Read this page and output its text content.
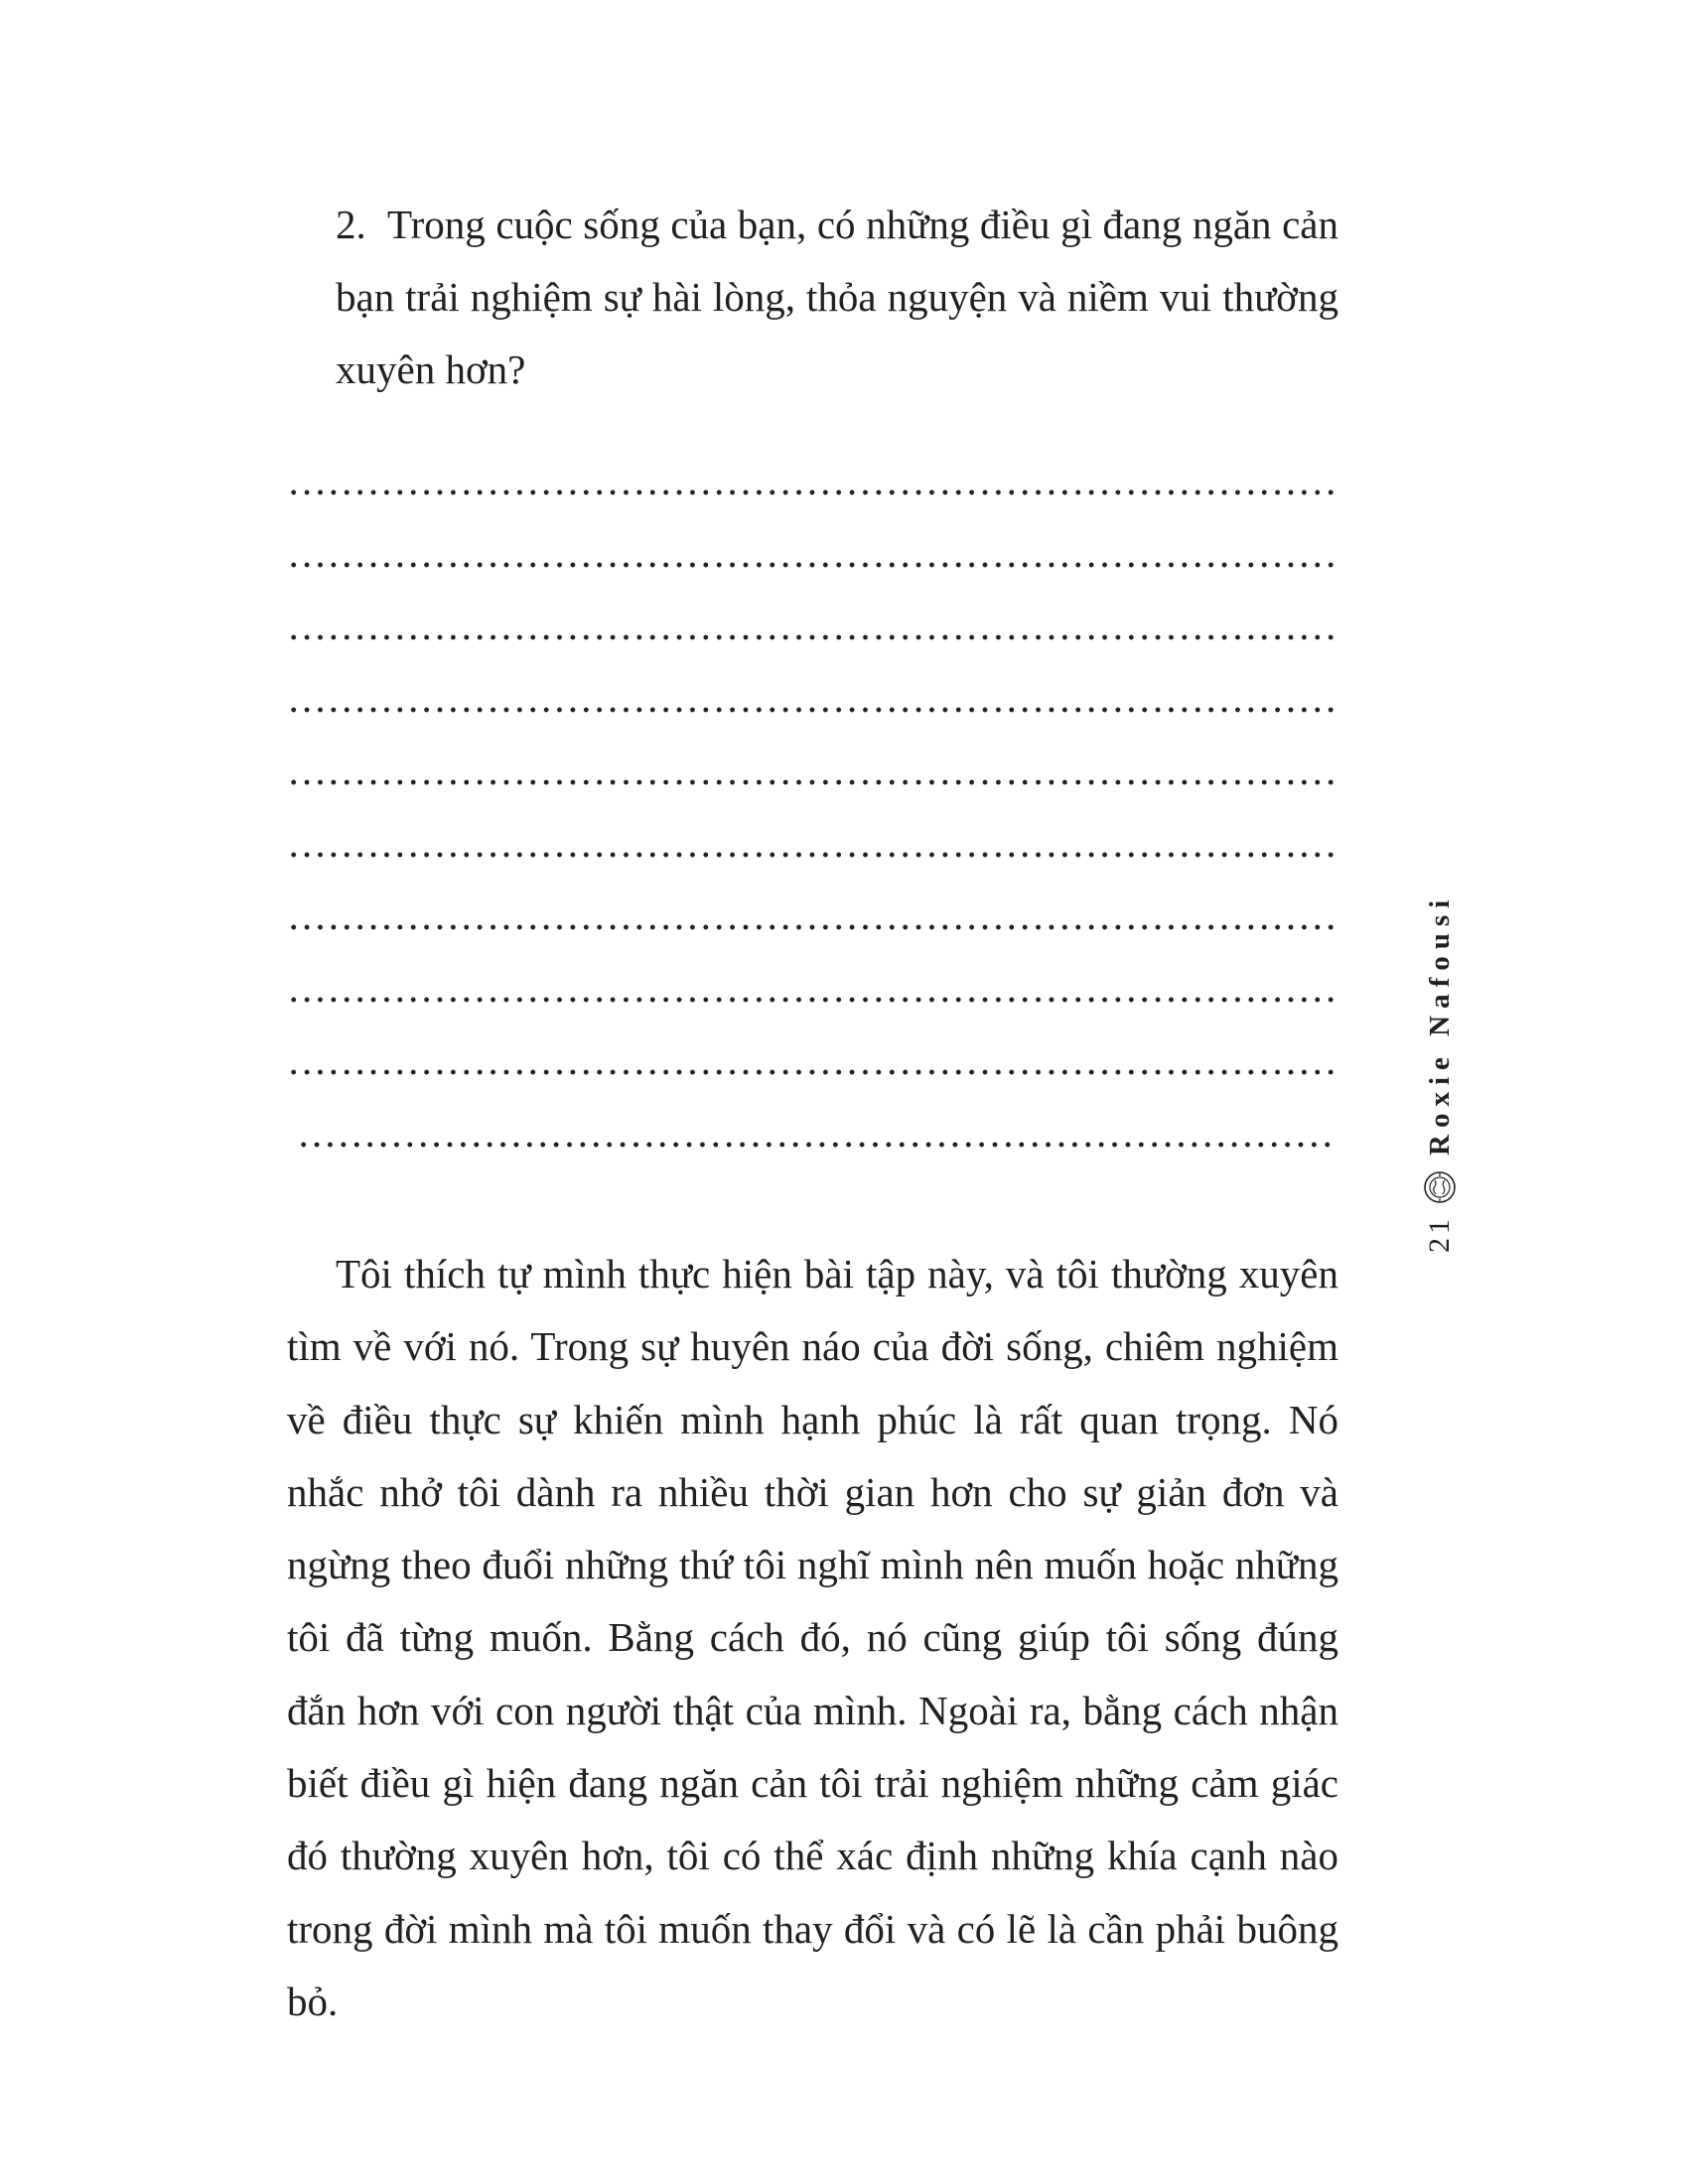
2. Trong cuộc sống của bạn, có những điều gì đang ngăn cản bạn trải nghiệm sự hài lòng, thỏa nguyện và niềm vui thường xuyên hơn?

Tôi thích tự mình thực hiện bài tập này, và tôi thường xuyên tìm về với nó. Trong sự huyên náo của đời sống, chiêm nghiệm về điều thực sự khiến mình hạnh phúc là rất quan trọng. Nó nhắc nhở tôi dành ra nhiều thời gian hơn cho sự giản đơn và ngừng theo đuổi những thứ tôi nghĩ mình nên muốn hoặc những tôi đã từng muốn. Bằng cách đó, nó cũng giúp tôi sống đúng đắn hơn với con người thật của mình. Ngoài ra, bằng cách nhận biết điều gì hiện đang ngăn cản tôi trải nghiệm những cảm giác đó thường xuyên hơn, tôi có thể xác định những khía cạnh nào trong đời mình mà tôi muốn thay đổi và có lẽ là cần phải buông bỏ.

21
Roxie Nafousi
